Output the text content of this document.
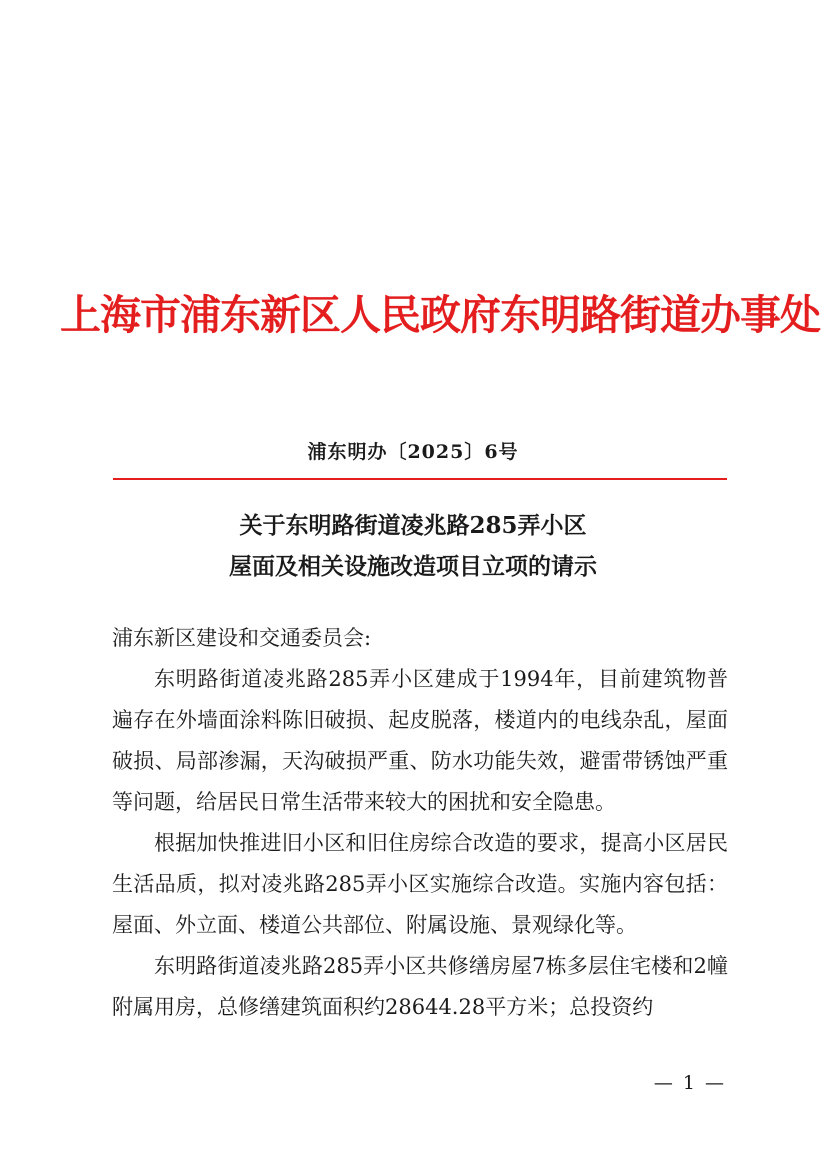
上海市浦东新区人民政府东明路街道办事处
浦东明办〔2025〕6号
关于东明路街道凌兆路285弄小区
屋面及相关设施改造项目立项的请示

浦东新区建设和交通委员会:

东明路街道凌兆路285弄小区建成于1994年，目前建筑物普遍存在外墙面涂料陈旧破损、起皮脱落，楼道内的电线杂乱，屋面破损、局部渗漏，天沟破损严重、防水功能失效，避雷带锈蚀严重等问题，给居民日常生活带来较大的困扰和安全隐患。

根据加快推进旧小区和旧住房综合改造的要求，提高小区居民生活品质，拟对凌兆路285弄小区实施综合改造。实施内容包括：屋面、外立面、楼道公共部位、附属设施、景观绿化等。

东明路街道凌兆路285弄小区共修缮房屋7栋多层住宅楼和2幢附属用房，总修缮建筑面积约28644.28平方米；总投资约

— 1 —
